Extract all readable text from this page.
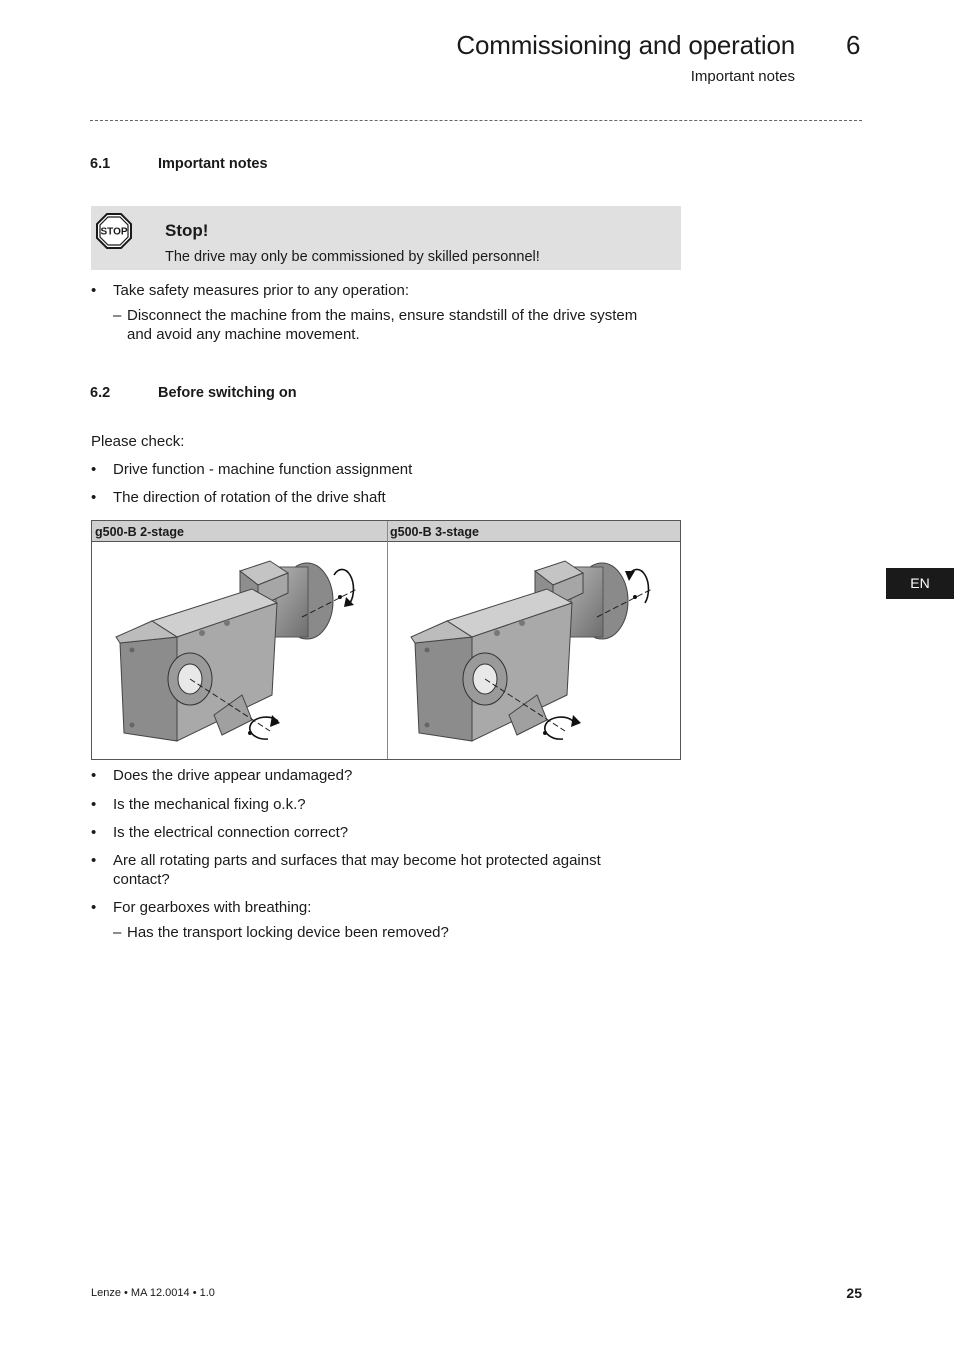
Commissioning and operation 6
Important notes
6.1	Important notes
STOP Stop!
The drive may only be commissioned by skilled personnel!
• Take safety measures prior to any operation:
– Disconnect the machine from the mains, ensure standstill of the drive system
and avoid any machine movement.
6.2	Before switching on
Please check:
• Drive function - machine function assignment
• The direction of rotation of the drive shaft
g500-B 2-stage	g500-B 3-stage
• Does the drive appear undamaged?
• Is the mechanical fixing o.k.?
• Is the electrical connection correct?
• Are all rotating parts and surfaces that may become hot protected against
contact?
• For gearboxes with breathing:
– Has the transport locking device been removed?
EN
Lenze • MA 12.0014 • 1.0	25
